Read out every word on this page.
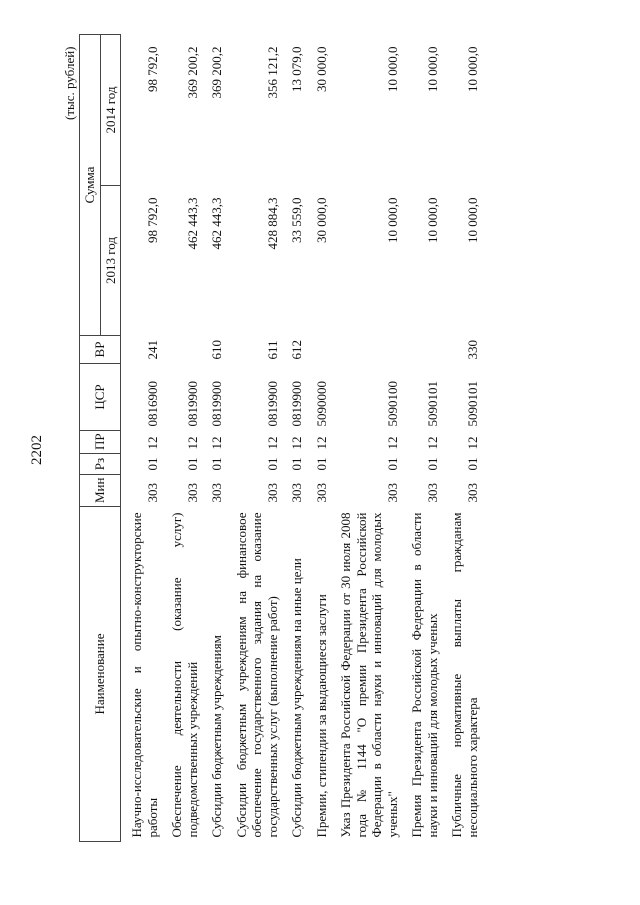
2202
(тыс. рублей)
Наименование	Мин	Рз	ПР	ЦСР	ВР	Сумма	
						2013 год	2014 год
Научно-исследовательские и опытно-конструкторские работы	303	01	12	0816900	241	98 792,0	98 792,0
Обеспечение деятельности (оказание услуг) подведомственных учреждений	303	01	12	0819900		462 443,3	369 200,2
Субсидии бюджетным учреждениям	303	01	12	0819900	610	462 443,3	369 200,2
Субсидии бюджетным учреждениям на финансовое обеспечение государственного задания на оказание государственных услуг (выполнение работ)	303	01	12	0819900	611	428 884,3	356 121,2
Субсидии бюджетным учреждениям на иные цели	303	01	12	0819900	612	33 559,0	13 079,0
Премии, стипендии за выдающиеся заслуги	303	01	12	5090000		30 000,0	30 000,0
Указ Президента Российской Федерации от 30 июля 2008 года № 1144 "О премии Президента Российской Федерации в области науки и инноваций для молодых ученых"	303	01	12	5090100		10 000,0	10 000,0
Премия Президента Российской Федерации в области науки и инноваций для молодых ученых	303	01	12	5090101		10 000,0	10 000,0
Публичные нормативные выплаты гражданам несоциального характера	303	01	12	5090101	330	10 000,0	10 000,0
